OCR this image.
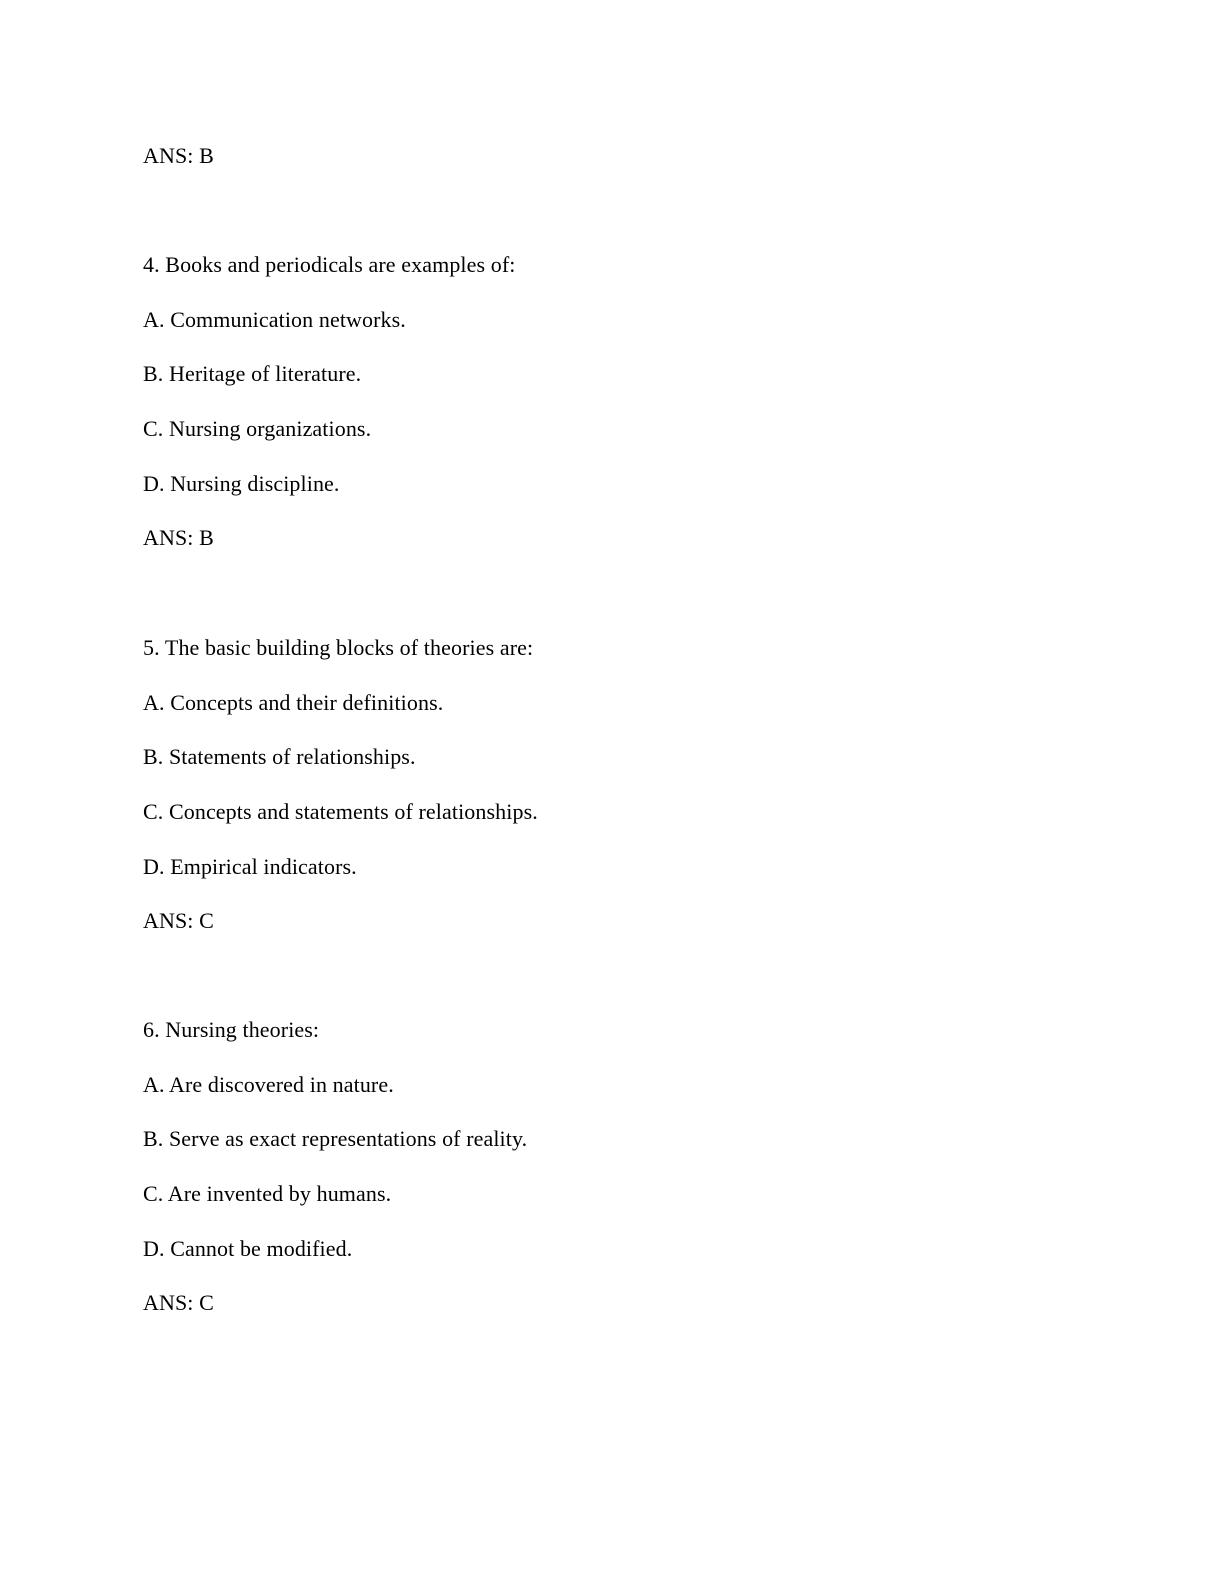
ANS: B
4. Books and periodicals are examples of:
A. Communication networks.
B. Heritage of literature.
C. Nursing organizations.
D. Nursing discipline.
ANS: B
5. The basic building blocks of theories are:
A. Concepts and their definitions.
B. Statements of relationships.
C. Concepts and statements of relationships.
D. Empirical indicators.
ANS: C
6. Nursing theories:
A. Are discovered in nature.
B. Serve as exact representations of reality.
C. Are invented by humans.
D. Cannot be modified.
ANS: C
